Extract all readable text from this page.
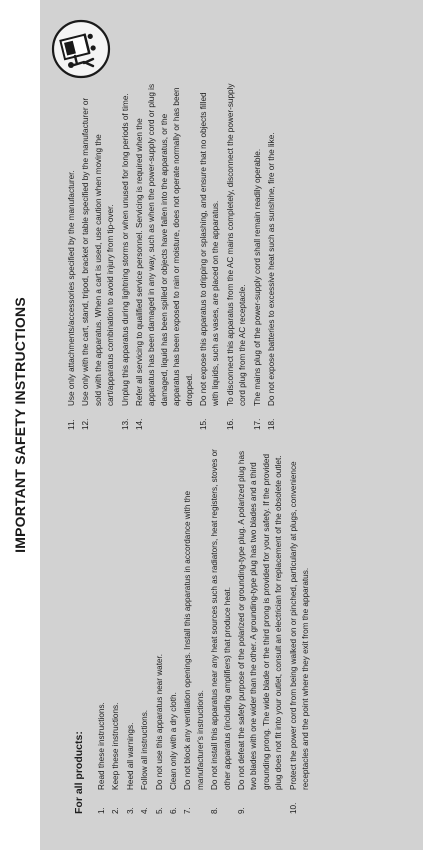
IMPORTANT SAFETY INSTRUCTIONS
For all products: 1.
Read these instructions.
2.
Keep these instructions.
3.
Heed all warnings.
4.
Follow all instructions.
5.
Do not use this apparatus near water.
6.
Clean only with a dry cloth.
7.
Do not block any ventilation openings. Install this apparatus in accordance with the manufacturer's instructions.
8.
Do not install this apparatus near any heat sources such as radiators, heat registers, stoves or other apparatus (including amplifiers) that produce heat.
9.
Do not defeat the safety purpose of the polarized or grounding-type plug. A polarized plug has two blades with one wider than the other. A grounding-type plug has two blades and a third grounding prong. The wide blade or the third prong is provided for your safety. If the provided plug does not fit into your outlet, consult an electrician for replacement of the obsolete outlet.
10.
Protect the power cord from being walked on or pinched, particularly at plugs, convenience receptacles and the point where they exit from the apparatus.
11.
Use only attachments/accessories specified by the manufacturer.
12.
Use only with the cart, stand, tripod, bracket or table specified by the manufacturer or sold with the apparatus. When a cart is used, use caution when moving the cart/apparatus combination to avoid injury from tip-over.
13.
Unplug this apparatus during lightning storms or when unused for long periods of time.
14.
Refer all servicing to qualified service personnel. Servicing is required when the apparatus has been damaged in any way, such as when the power-supply cord or plug is damaged, liquid has been spilled or objects have fallen into the apparatus, or the apparatus has been exposed to rain or moisture, does not operate normally or has been dropped.
15.
Do not expose this apparatus to dripping or splashing, and ensure that no objects filled with liquids, such as vases, are placed on the apparatus.
16.
To disconnect this apparatus from the AC mains completely, disconnect the power-supply cord plug from the AC receptacle.
17.
The mains plug of the power-supply cord shall remain readily operable.
18.
Do not expose batteries to excessive heat such as sunshine, fire or the like.
